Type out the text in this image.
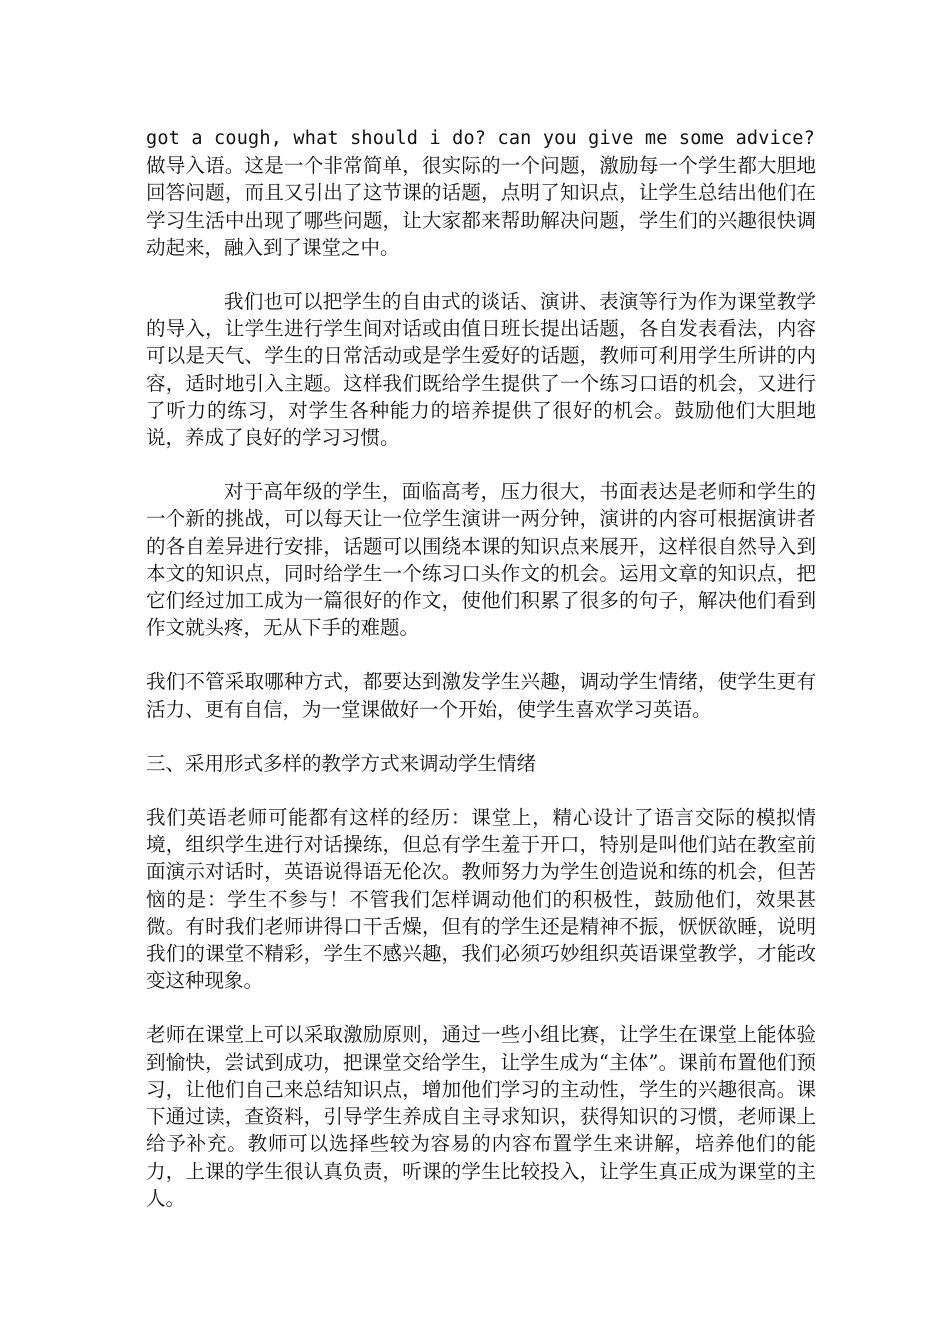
got a cough, what should i do? can you give me some advice?
做导入语。这是一个非常简单，很实际的一个问题，激励每一个学生都大胆地回答问题，而且又引出了这节课的话题，点明了知识点，让学生总结出他们在学习生活中出现了哪些问题，让大家都来帮助解决问题，学生们的兴趣很快调动起来，融入到了课堂之中。

我们也可以把学生的自由式的谈话、演讲、表演等行为作为课堂教学的导入，让学生进行学生间对话或由值日班长提出话题，各自发表看法，内容可以是天气、学生的日常活动或是学生爱好的话题，教师可利用学生所讲的内容，适时地引入主题。这样我们既给学生提供了一个练习口语的机会，又进行了听力的练习，对学生各种能力的培养提供了很好的机会。鼓励他们大胆地说，养成了良好的学习习惯。

对于高年级的学生，面临高考，压力很大，书面表达是老师和学生的一个新的挑战，可以每天让一位学生演讲一两分钟，演讲的内容可根据演讲者的各自差异进行安排，话题可以围绕本课的知识点来展开，这样很自然导入到本文的知识点，同时给学生一个练习口头作文的机会。运用文章的知识点，把它们经过加工成为一篇很好的作文，使他们积累了很多的句子，解决他们看到作文就头疼，无从下手的难题。

我们不管采取哪种方式，都要达到激发学生兴趣，调动学生情绪，使学生更有活力、更有自信，为一堂课做好一个开始，使学生喜欢学习英语。

三、采用形式多样的教学方式来调动学生情绪

我们英语老师可能都有这样的经历：课堂上，精心设计了语言交际的模拟情境，组织学生进行对话操练，但总有学生羞于开口，特别是叫他们站在教室前面演示对话时，英语说得语无伦次。教师努力为学生创造说和练的机会，但苦恼的是：学生不参与！不管我们怎样调动他们的积极性，鼓励他们，效果甚微。有时我们老师讲得口干舌燥，但有的学生还是精神不振，恹恹欲睡，说明我们的课堂不精彩，学生不感兴趣，我们必须巧妙组织英语课堂教学，才能改变这种现象。

老师在课堂上可以采取激励原则，通过一些小组比赛，让学生在课堂上能体验到愉快，尝试到成功，把课堂交给学生，让学生成为“主体”。课前布置他们预习，让他们自己来总结知识点，增加他们学习的主动性，学生的兴趣很高。课下通过读，查资料，引导学生养成自主寻求知识，获得知识的习惯，老师课上给予补充。教师可以选择些较为容易的内容布置学生来讲解，培养他们的能力，上课的学生很认真负责，听课的学生比较投入，让学生真正成为课堂的主人。
